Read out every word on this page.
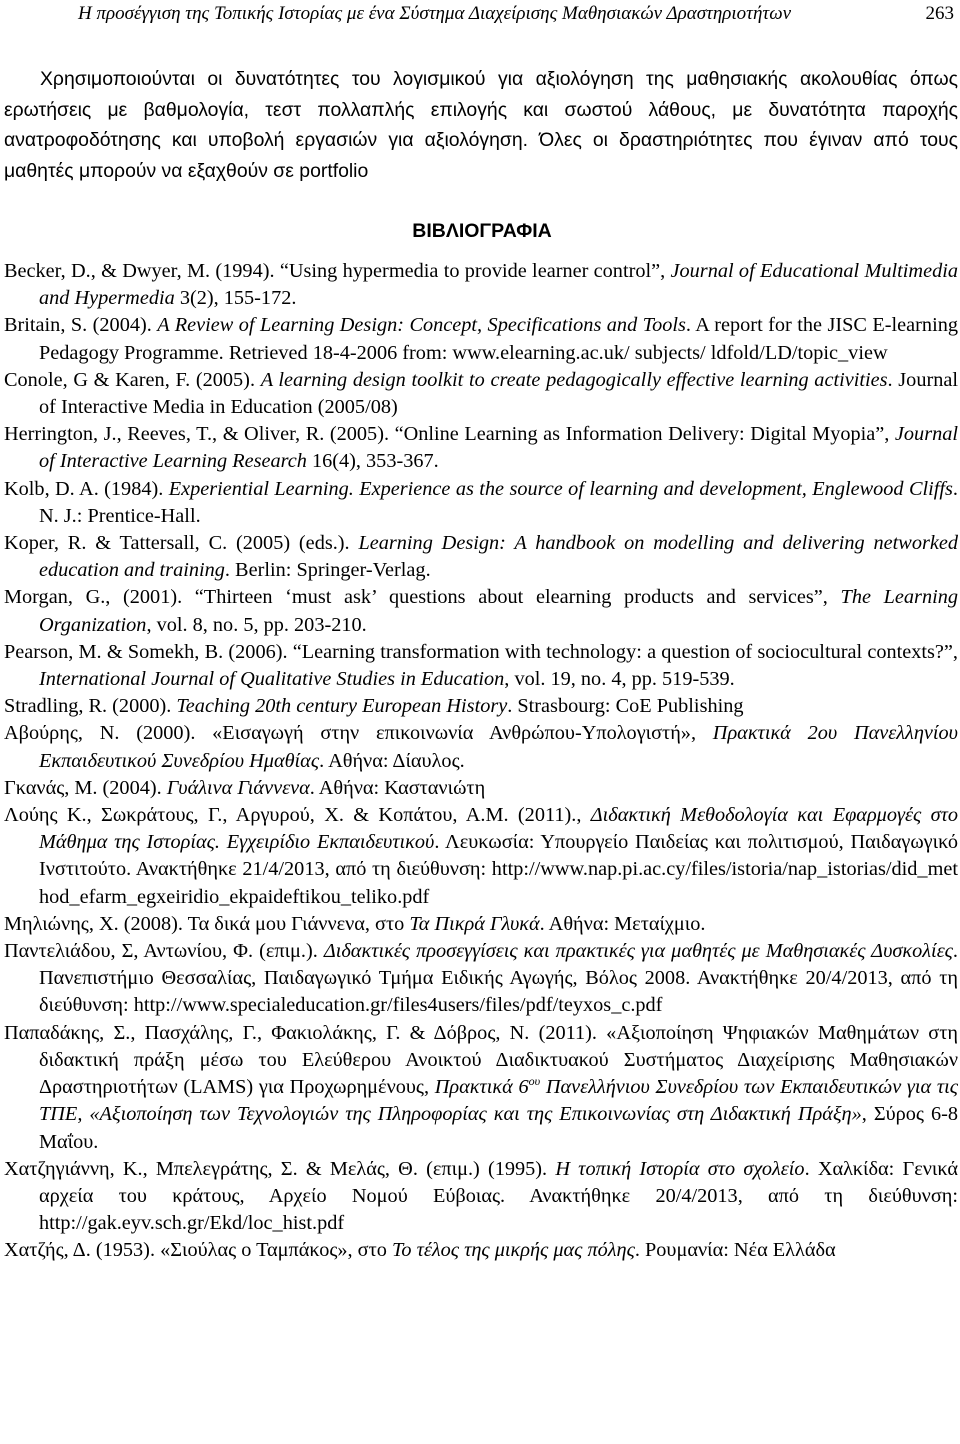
Η προσέγγιση της Τοπικής Ιστορίας με ένα Σύστημα Διαχείρισης Μαθησιακών Δραστηριοτήτων	263

Χρησιμοποιούνται οι δυνατότητες του λογισμικού για αξιολόγηση της μαθησιακής ακολουθίας όπως ερωτήσεις με βαθμολογία, τεστ πολλαπλής επιλογής και σωστού λάθους, με δυνατότητα παροχής ανατροφοδότησης και υποβολή εργασιών για αξιολόγηση. Όλες οι δραστηριότητες που έγιναν από τους μαθητές μπορούν να εξαχθούν σε portfolio

ΒΙΒΛΙΟΓΡΑΦΙΑ
Becker, D., & Dwyer, M. (1994). “Using hypermedia to provide learner control”, Journal of Educational Multimedia and Hypermedia 3(2), 155-172.
Britain, S. (2004). A Review of Learning Design: Concept, Specifications and Tools. A report for the JISC E-learning Pedagogy Programme. Retrieved 18-4-2006 from: www.elearning.ac.uk/ subjects/ ldfold/LD/topic_view
Conole, G & Karen, F. (2005). A learning design toolkit to create pedagogically effective learning activities. Journal of Interactive Media in Education (2005/08)
Herrington, J., Reeves, T., & Oliver, R. (2005). “Online Learning as Information Delivery: Digital Myopia”, Journal of Interactive Learning Research 16(4), 353-367.
Kolb, D. A. (1984). Experiential Learning. Experience as the source of learning and development, Englewood Cliffs. N. J.: Prentice-Hall.
Koper, R. & Tattersall, C. (2005) (eds.). Learning Design: A handbook on modelling and delivering networked education and training. Berlin: Springer-Verlag.
Morgan, G., (2001). “Thirteen ‘must ask’ questions about elearning products and services”, The Learning Organization, vol. 8, no. 5, pp. 203-210.
Pearson, M. & Somekh, B. (2006). “Learning transformation with technology: a question of sociocultural contexts?”, International Journal of Qualitative Studies in Education, vol. 19, no. 4, pp. 519-539.
Stradling, R. (2000). Teaching 20th century European History. Strasbourg: CoE Publishing
Αβούρης, Ν. (2000). «Εισαγωγή στην επικοινωνία Ανθρώπου-Υπολογιστή», Πρακτικά 2ου Πανελληνίου Εκπαιδευτικού Συνεδρίου Ημαθίας. Αθήνα: Δίαυλος.
Γκανάς, Μ. (2004). Γυάλινα Γιάννενα. Αθήνα: Καστανιώτη
Λούης Κ., Σωκράτους, Γ., Αργυρού, Χ. & Κοπάτου, Α.Μ. (2011)., Διδακτική Μεθοδολογία και Εφαρμογές στο Μάθημα της Ιστορίας. Εγχειρίδιο Εκπαιδευτικού. Λευκωσία: Υπουργείο Παιδείας και πολιτισμού, Παιδαγωγικό Ινστιτούτο. Ανακτήθηκε 21/4/2013, από τη διεύθυνση: http://www.nap.pi.ac.cy/files/istoria/nap_istorias/did_method_efarm_egxeiridio_ekpaideftikou_teliko.pdf
Μηλιώνης, Χ. (2008). Τα δικά μου Γιάννενα, στο Τα Πικρά Γλυκά. Αθήνα: Μεταίχμιο.
Παντελιάδου, Σ, Αντωνίου, Φ. (επιμ.). Διδακτικές προσεγγίσεις και πρακτικές για μαθητές με Μαθησιακές Δυσκολίες. Πανεπιστήμιο Θεσσαλίας, Παιδαγωγικό Τμήμα Ειδικής Αγωγής, Βόλος 2008. Ανακτήθηκε 20/4/2013, από τη διεύθυνση: http://www.specialeducation.gr/files4users/files/pdf/teyxos_c.pdf
Παπαδάκης, Σ., Πασχάλης, Γ., Φακιολάκης, Γ. & Δόβρος, Ν. (2011). «Αξιοποίηση Ψηφιακών Μαθημάτων στη διδακτική πράξη μέσω του Ελεύθερου Ανοικτού Διαδικτυακού Συστήματος Διαχείρισης Μαθησιακών Δραστηριοτήτων (LAMS) για Προχωρημένους, Πρακτικά $6^{o\upsilon}$ Πανελλήνιου Συνεδρίου των Εκπαιδευτικών για τις ΤΠΕ, «Αξιοποίηση των Τεχνολογιών της Πληροφορίας και της Επικοινωνίας στη Διδακτική Πράξη», Σύρος 6-8 Μαΐου.
Χατζηγιάννη, Κ., Μπελεγράτης, Σ. & Μελάς, Θ. (επιμ.) (1995). Η τοπική Ιστορία στο σχολείο. Χαλκίδα: Γενικά αρχεία του κράτους, Αρχείο Νομού Εύβοιας. Ανακτήθηκε 20/4/2013, από τη διεύθυνση: http://gak.eyv.sch.gr/Ekd/loc_hist.pdf
Χατζής, Δ. (1953). «Σιούλας ο Ταμπάκος», στο Το τέλος της μικρής μας πόλης. Ρουμανία: Νέα Ελλάδα
